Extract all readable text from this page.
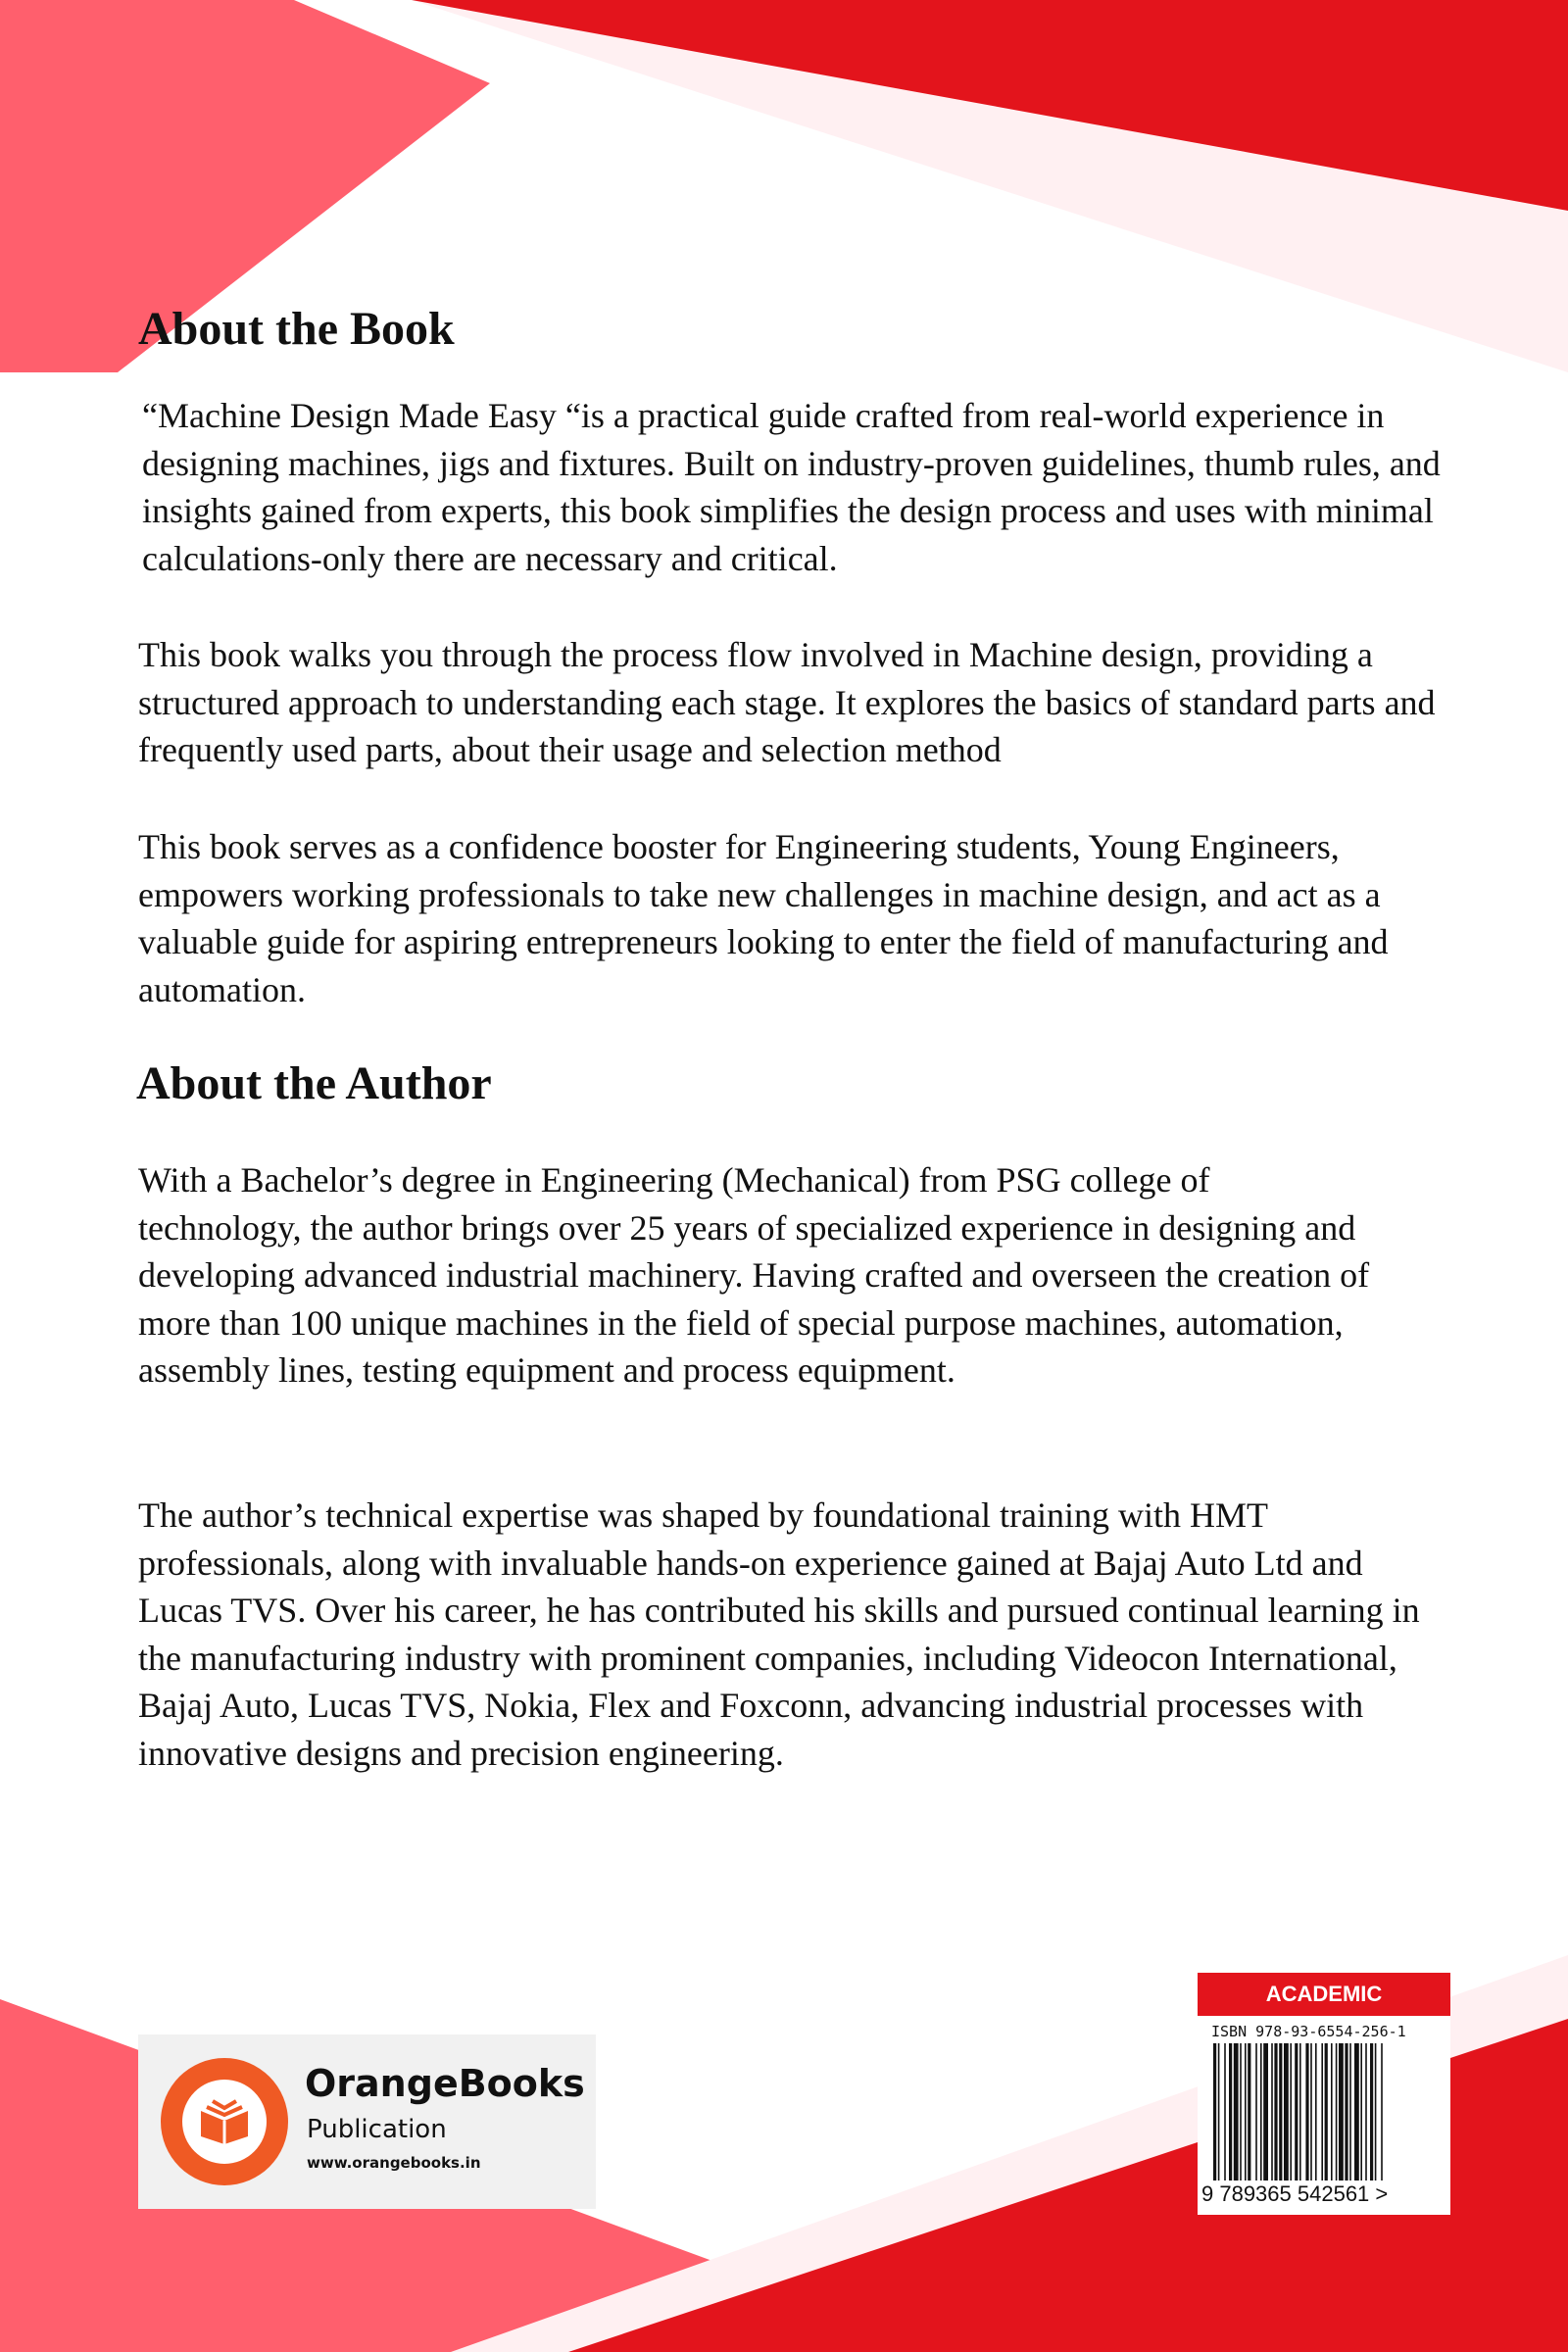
About the Book

“Machine Design Made Easy “is a practical guide crafted from real-world experience in designing machines, jigs and fixtures. Built on industry-proven guidelines, thumb rules, and insights gained from experts, this book simplifies the design process and uses with minimal calculations-only there are necessary and critical.

This book walks you through the process flow involved in Machine design, providing a structured approach to understanding each stage. It explores the basics of standard parts and frequently used parts, about their usage and selection method

This book serves as a confidence booster for Engineering students, Young Engineers, empowers working professionals to take new challenges in machine design, and act as a valuable guide for aspiring entrepreneurs looking to enter the field of manufacturing and automation.

About the Author

With a Bachelor’s degree in Engineering (Mechanical) from PSG college of technology, the author brings over 25 years of specialized experience in designing and developing advanced industrial machinery. Having crafted and overseen the creation of more than 100 unique machines in the field of special purpose machines, automation, assembly lines, testing equipment and process equipment.

The author’s technical expertise was shaped by foundational training with HMT professionals, along with invaluable hands-on experience gained at Bajaj Auto Ltd and Lucas TVS. Over his career, he has contributed his skills and pursued continual learning in the manufacturing industry with prominent companies, including Videocon International, Bajaj Auto, Lucas TVS, Nokia, Flex and Foxconn, advancing industrial processes with innovative designs and precision engineering.

OrangeBooks
Publication
www.orangebooks.in
ACADEMIC
ISBN 978-93-6554-256-1
9 789365 542561 >
